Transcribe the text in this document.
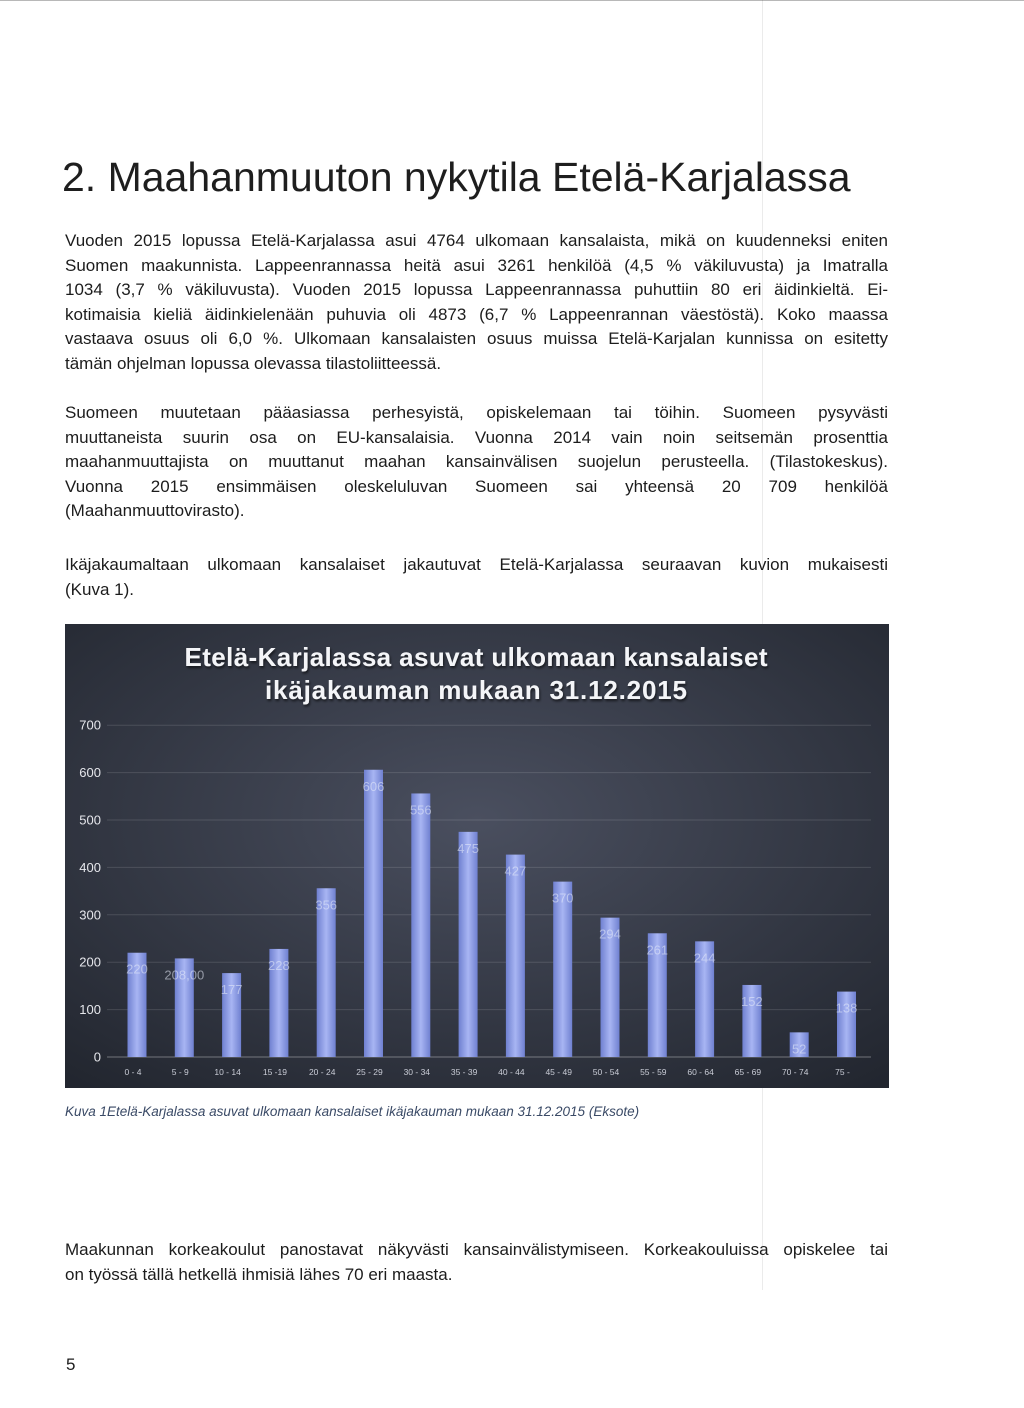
2. Maahanmuuton nykytila Etelä-Karjalassa
Vuoden 2015 lopussa Etelä-Karjalassa asui 4764 ulkomaan kansalaista, mikä on kuudenneksi eniten
Suomen maakunnista. Lappeenrannassa heitä asui 3261 henkilöä (4,5 % väkiluvusta) ja Imatralla
1034 (3,7 % väkiluvusta). Vuoden 2015 lopussa Lappeenrannassa puhuttiin 80 eri äidinkieltä. Ei-
kotimaisia kieliä äidinkielenään puhuvia oli 4873 (6,7 % Lappeenrannan väestöstä). Koko maassa
vastaava osuus oli 6,0 %. Ulkomaan kansalaisten osuus muissa Etelä-Karjalan kunnissa on esitetty
tämän ohjelman lopussa olevassa tilastoliitteessä.
Suomeen muutetaan pääasiassa perhesyistä, opiskelemaan tai töihin. Suomeen pysyvästi
muuttaneista suurin osa on EU-kansalaisia. Vuonna 2014 vain noin seitsemän prosenttia
maahanmuuttajista on muuttanut maahan kansainvälisen suojelun perusteella. (Tilastokeskus).
Vuonna 2015 ensimmäisen oleskeluluvan Suomeen sai yhteensä 20 709 henkilöä
(Maahanmuuttovirasto).
Ikäjakaumaltaan ulkomaan kansalaiset jakautuvat Etelä-Karjalassa seuraavan kuvion mukaisesti
(Kuva 1).
0
100
200
300
400
500
600
700
220
0 - 4
208,00
5 - 9
177
10 - 14
228
15 -19
356
20 - 24
606
25 - 29
556
30 - 34
475
35 - 39
427
40 - 44
370
45 - 49
294
50 - 54
261
55 - 59
244
60 - 64
152
65 - 69
52
70 - 74
138
75 -
Etelä-Karjalassa asuvat ulkomaan kansalaiset
ikäjakauman mukaan 31.12.2015
Kuva 1Etelä-Karjalassa asuvat ulkomaan kansalaiset ikäjakauman mukaan 31.12.2015 (Eksote)
Maakunnan korkeakoulut panostavat näkyvästi kansainvälistymiseen. Korkeakouluissa opiskelee tai
on työssä tällä hetkellä ihmisiä lähes 70 eri maasta.
5
